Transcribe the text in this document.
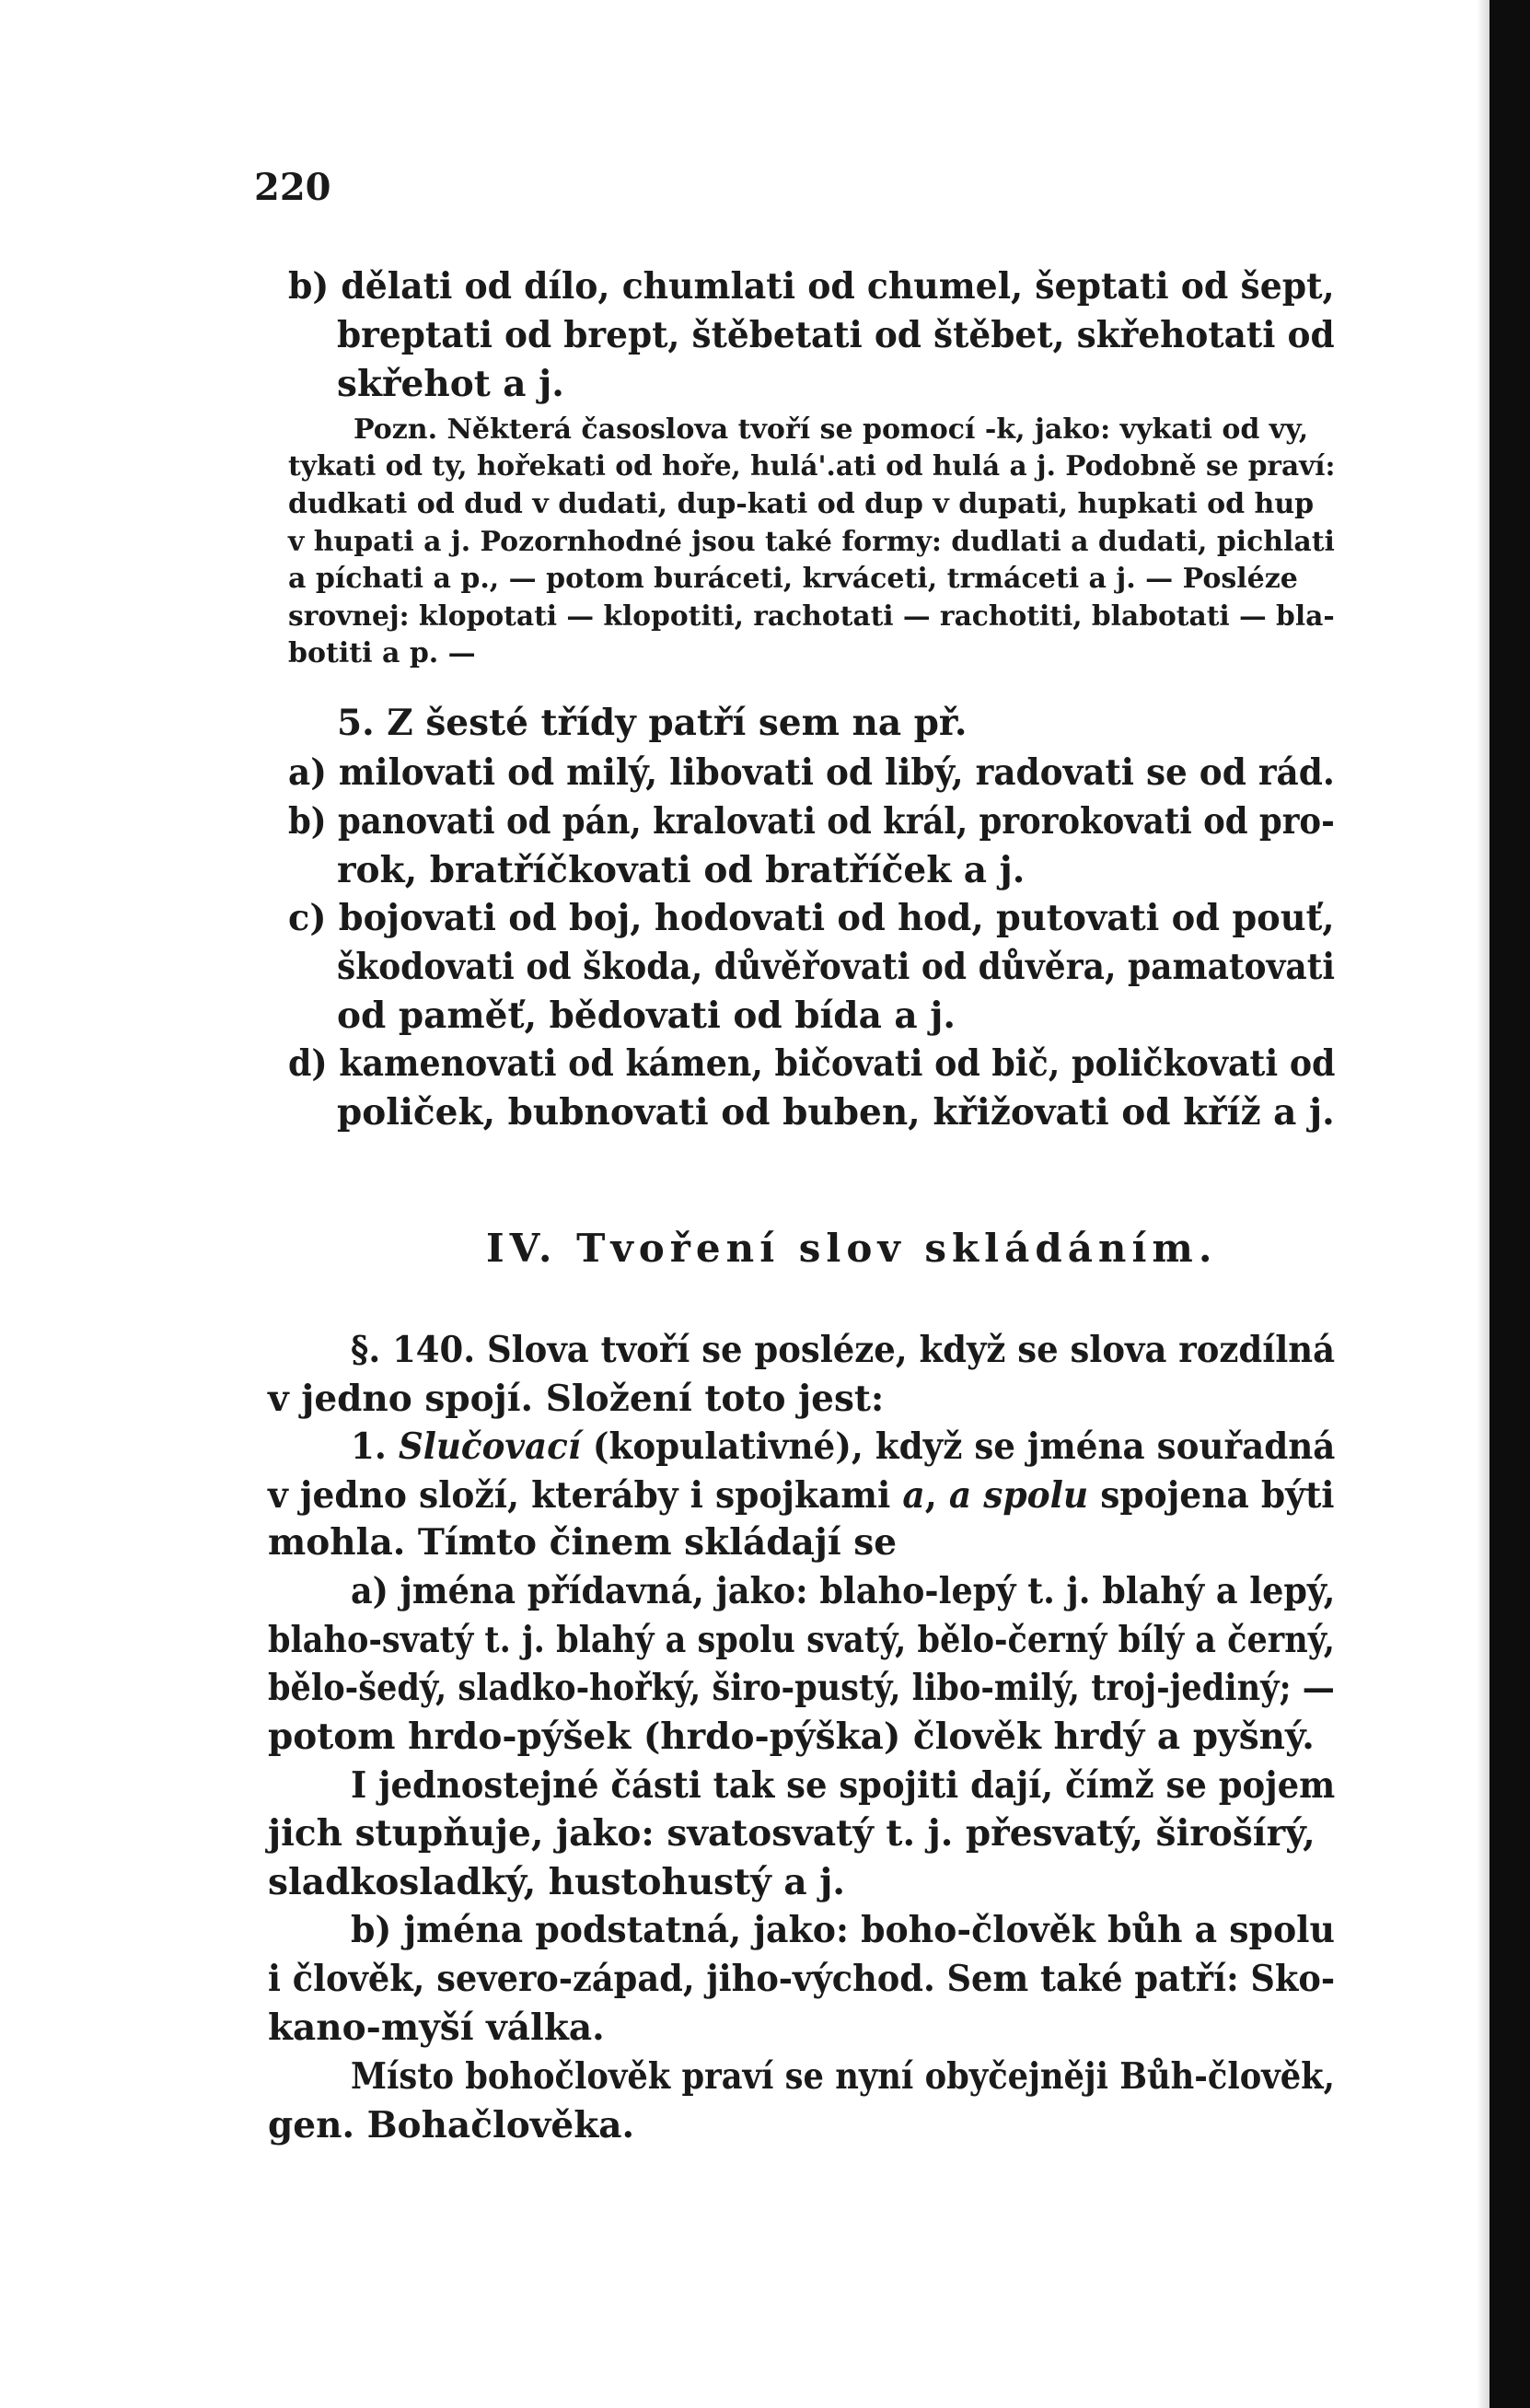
220
b) dělati od dílo, chumlati od chumel, šeptati od šept,
breptati od brept, štěbetati od štěbet, skřehotati od
skřehot a j.
Pozn. Některá časoslova tvoří se pomocí -k, jako: vykati od vy,
tykati od ty, hořekati od hoře, hulá'.ati od hulá a j. Podobně se praví:
dudkati od dud v dudati, dup-kati od dup v dupati, hupkati od hup
v hupati a j. Pozornhodné jsou také formy: dudlati a dudati, pichlati
a píchati a p., — potom buráceti, krváceti, trmáceti a j. — Posléze
srovnej: klopotati — klopotiti, rachotati — rachotiti, blabotati — bla-
botiti a p. —
5. Z šesté třídy patří sem na př.
a) milovati od milý, libovati od libý, radovati se od rád.
b) panovati od pán, kralovati od král, prorokovati od pro-
rok, bratříčkovati od bratříček a j.
c) bojovati od boj, hodovati od hod, putovati od pouť,
škodovati od škoda, důvěřovati od důvěra, pamatovati
od paměť, bědovati od bída a j.
d) kamenovati od kámen, bičovati od bič, poličkovati od
poliček, bubnovati od buben, křižovati od kříž a j.
IV. Tvoření slov skládáním.
§. 140. Slova tvoří se posléze, když se slova rozdílná
v jedno spojí. Složení toto jest:
1. Slučovací (kopulativné), když se jména souřadná
v jedno složí, kteráby i spojkami a, a spolu spojena býti
mohla. Tímto činem skládají se
a) jména přídavná, jako: blaho-lepý t. j. blahý a lepý,
blaho-svatý t. j. blahý a spolu svatý, bělo-černý bílý a černý,
bělo-šedý, sladko-hořký, širo-pustý, libo-milý, troj-jediný; —
potom hrdo-pýšek (hrdo-pýška) člověk hrdý a pyšný.
I jednostejné části tak se spojiti dají, čímž se pojem
jich stupňuje, jako: svatosvatý t. j. přesvatý, širošírý,
sladkosladký, hustohustý a j.
b) jména podstatná, jako: boho-člověk bůh a spolu
i člověk, severo-západ, jiho-východ. Sem také patří: Sko-
kano-myší válka.
Místo bohočlověk praví se nyní obyčejněji Bůh-člověk,
gen. Bohačlověka.
